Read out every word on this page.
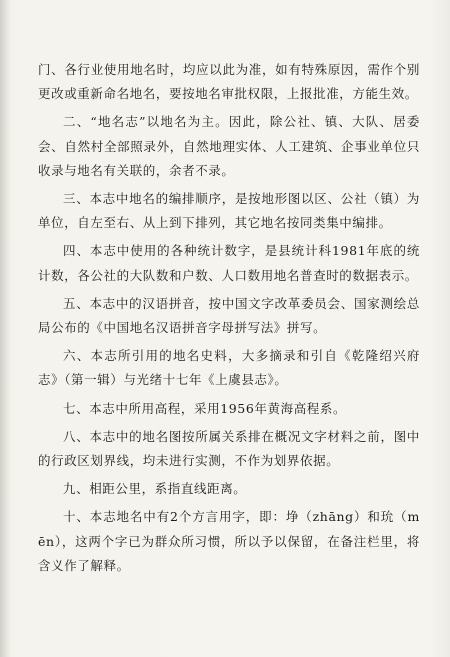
门、各行业使用地名时，均应以此为准，如有特殊原因，需作个别更改或重新命名地名，要按地名审批权限，上报批准，方能生效。

二、“地名志”以地名为主。因此，除公社、镇、大队、居委会、自然村全部照录外，自然地理实体、人工建筑、企事业单位只收录与地名有关联的，余者不录。

三、本志中地名的编排顺序，是按地形图以区、公社（镇）为单位，自左至右、从上到下排列，其它地名按同类集中编排。

四、本志中使用的各种统计数字，是县统计科1981年底的统计数，各公社的大队数和户数、人口数用地名普查时的数据表示。

五、本志中的汉语拼音，按中国文字改革委员会、国家测绘总局公布的《中国地名汉语拼音字母拼写法》拼写。

六、本志所引用的地名史料，大多摘录和引自《乾隆绍兴府志》（第一辑）与光绪十七年《上虞县志》。

七、本志中所用高程，采用1956年黄海高程系。

八、本志中的地名图按所属关系排在概况文字材料之前，图中的行政区划界线，均未进行实测，不作为划界依据。

九、相距公里，系指直线距离。

十、本志地名中有2个方言用字，即：埩（zhāng）和玧（mēn），这两个字已为群众所习惯，所以予以保留，在备注栏里，将含义作了解释。
